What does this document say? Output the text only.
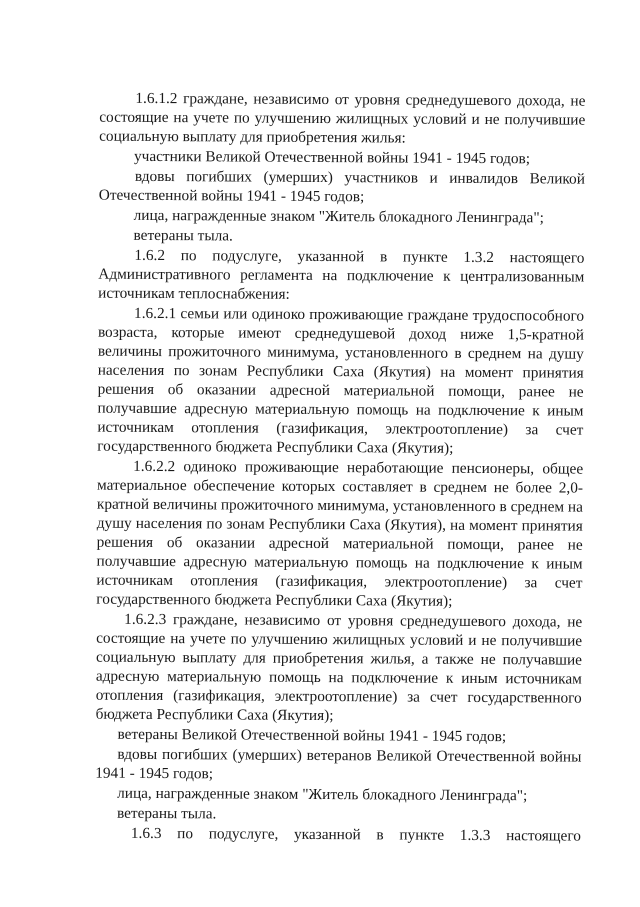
1.6.1.2 граждане, независимо от уровня среднедушевого дохода, не состоящие на учете по улучшению жилищных условий и не получившие социальную выплату для приобретения жилья:

участники Великой Отечественной войны 1941 - 1945 годов;

вдовы погибших (умерших) участников и инвалидов Великой Отечественной войны 1941 - 1945 годов;

лица, награжденные знаком "Житель блокадного Ленинграда";

ветераны тыла.

1.6.2 по подуслуге, указанной в пункте 1.3.2 настоящего Административного регламента на подключение к централизованным источникам теплоснабжения:

1.6.2.1 семьи или одиноко проживающие граждане трудоспособного возраста, которые имеют среднедушевой доход ниже 1,5-кратной величины прожиточного минимума, установленного в среднем на душу населения по зонам Республики Саха (Якутия) на момент принятия решения об оказании адресной материальной помощи, ранее не получавшие адресную материальную помощь на подключение к иным источникам отопления (газификация, электроотопление) за счет государственного бюджета Республики Саха (Якутия);

1.6.2.2 одиноко проживающие неработающие пенсионеры, общее материальное обеспечение которых составляет в среднем не более 2,0-кратной величины прожиточного минимума, установленного в среднем на душу населения по зонам Республики Саха (Якутия), на момент принятия решения об оказании адресной материальной помощи, ранее не получавшие адресную материальную помощь на подключение к иным источникам отопления (газификация, электроотопление) за счет государственного бюджета Республики Саха (Якутия);

1.6.2.3 граждане, независимо от уровня среднедушевого дохода, не состоящие на учете по улучшению жилищных условий и не получившие социальную выплату для приобретения жилья, а также не получавшие адресную материальную помощь на подключение к иным источникам отопления (газификация, электроотопление) за счет государственного бюджета Республики Саха (Якутия);

ветераны Великой Отечественной войны 1941 - 1945 годов;

вдовы погибших (умерших) ветеранов Великой Отечественной войны 1941 - 1945 годов;

лица, награжденные знаком "Житель блокадного Ленинграда";

ветераны тыла.

1.6.3 по подуслуге, указанной в пункте 1.3.3 настоящего
